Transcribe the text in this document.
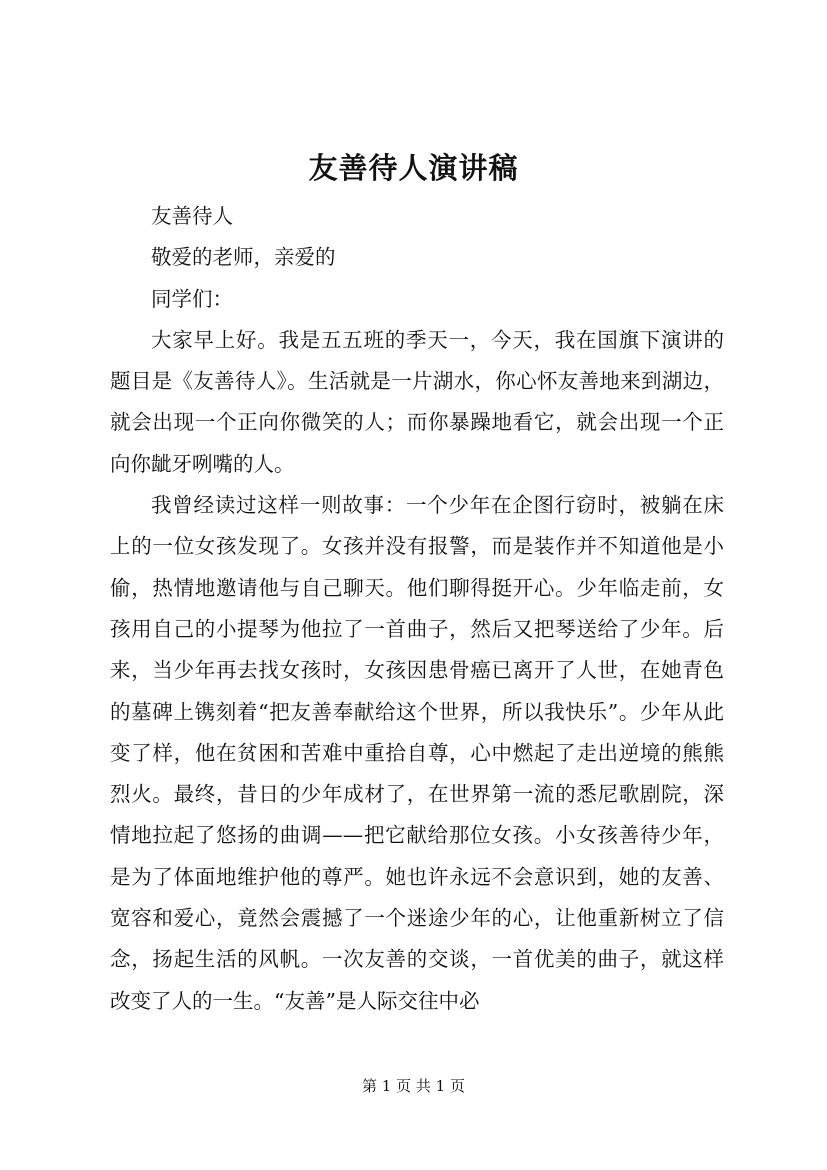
友善待人演讲稿

友善待人

敬爱的老师，亲爱的

同学们：

大家早上好。我是五五班的季天一，今天，我在国旗下演讲的题目是《友善待人》。生活就是一片湖水，你心怀友善地来到湖边，就会出现一个正向你微笑的人；而你暴躁地看它，就会出现一个正向你龇牙咧嘴的人。

我曾经读过这样一则故事：一个少年在企图行窃时，被躺在床上的一位女孩发现了。女孩并没有报警，而是装作并不知道他是小偷，热情地邀请他与自己聊天。他们聊得挺开心。少年临走前，女孩用自己的小提琴为他拉了一首曲子，然后又把琴送给了少年。后来，当少年再去找女孩时，女孩因患骨癌已离开了人世，在她青色的墓碑上镌刻着“把友善奉献给这个世界，所以我快乐”。少年从此变了样，他在贫困和苦难中重拾自尊，心中燃起了走出逆境的熊熊烈火。最终，昔日的少年成材了，在世界第一流的悉尼歌剧院，深情地拉起了悠扬的曲调——把它献给那位女孩。小女孩善待少年，是为了体面地维护他的尊严。她也许永远不会意识到，她的友善、宽容和爱心，竟然会震撼了一个迷途少年的心，让他重新树立了信念，扬起生活的风帆。一次友善的交谈，一首优美的曲子，就这样改变了人的一生。“友善”是人际交往中必

第 1 页 共 1 页
